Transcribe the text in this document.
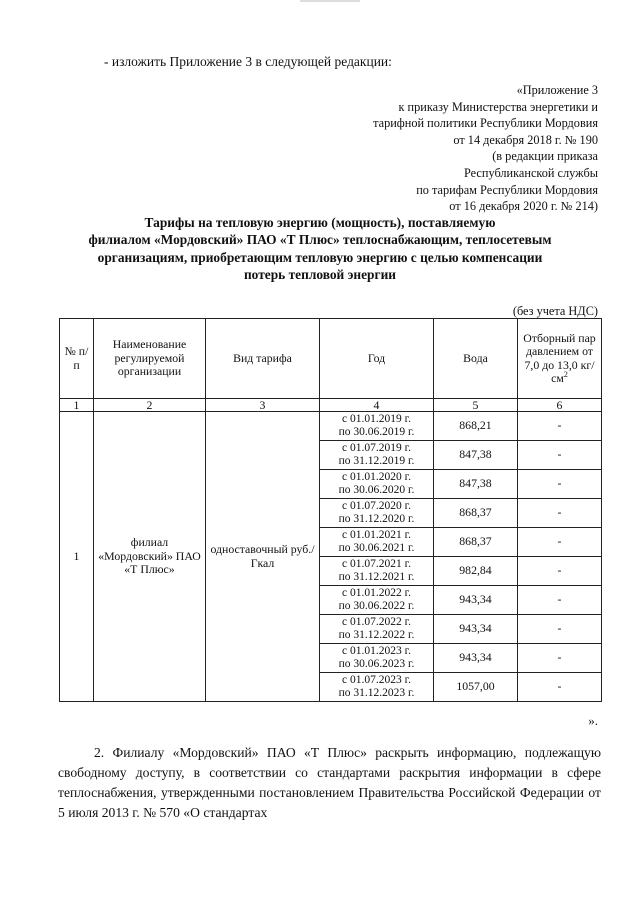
- изложить Приложение 3 в следующей редакции:
«Приложение 3
к приказу Министерства энергетики и
тарифной политики Республики Мордовия
от 14 декабря 2018 г. № 190
(в редакции приказа
Республиканской службы
по тарифам Республики Мордовия
от 16 декабря 2020 г. № 214)
Тарифы на тепловую энергию (мощность), поставляемую
филиалом «Мордовский» ПАО «Т Плюс» теплоснабжающим, теплосетевым
организациям, приобретающим тепловую энергию с целью компенсации
потерь тепловой энергии
(без учета НДС)
№ п/п	Наименование регулируемой организации	Вид тарифа	Год	Вода	Отборный пар давлением от 7,0 до 13,0 $кг/см^2$
1	2	3	4	5	6
1	филиал «Мордовский» ПАО «Т Плюс»	одноставочный руб./Гкал	с 01.01.2019 г.
по 30.06.2019 г.	868,21	-

			с 01.07.2019 г.
по 31.12.2019 г.	847,38	-

			с 01.01.2020 г.
по 30.06.2020 г.	847,38	-

			с 01.07.2020 г.
по 31.12.2020 г.	868,37	-

			с 01.01.2021 г.
по 30.06.2021 г.	868,37	-

			с 01.07.2021 г.
по 31.12.2021 г.	982,84	-

			с 01.01.2022 г.
по 30.06.2022 г.	943,34	-

			с 01.07.2022 г.
по 31.12.2022 г.	943,34	-

			с 01.01.2023 г.
по 30.06.2023 г.	943,34	-

			с 01.07.2023 г.
по 31.12.2023 г.	1057,00	-
».
2. Филиалу «Мордовский» ПАО «Т Плюс» раскрыть информацию, подлежащую свободному доступу, в соответствии со стандартами раскрытия информации в сфере теплоснабжения, утвержденными постановлением Правительства Российской Федерации от 5 июля 2013 г. № 570 «О стандартах
